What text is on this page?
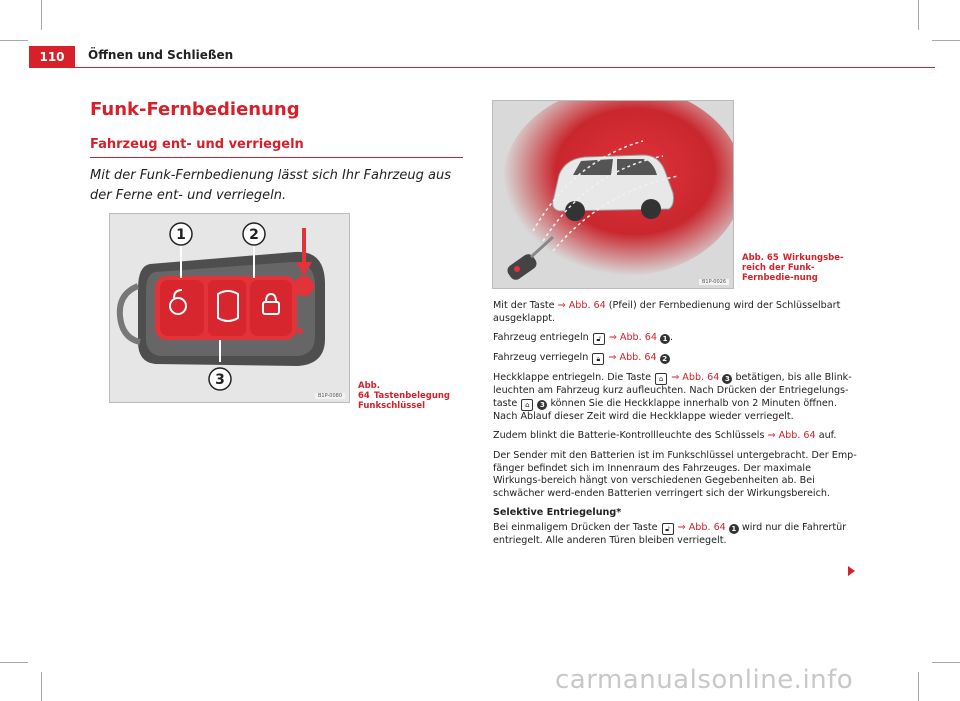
110	Öffnen und Schließen
Funk-Fernbedienung
Fahrzeug ent- und verriegeln
Mit der Funk-Fernbedienung lässt sich Ihr Fahrzeug aus der Ferne ent- und verriegeln.
1	2
3
B1P-0080
Abb. 64 Tastenbelegung Funkschlüssel
B1P-0026
Abb. 65 Wirkungsbe-reich der Funk-Fernbedie-nung

Mit der Taste ⇒ Abb. 64 (Pfeil) der Fernbedienung wird der Schlüsselbart ausgeklappt.

Fahrzeug entriegeln 🔓︎ ⇒ Abb. 64 1 .

Fahrzeug verriegeln 🔒︎ ⇒ Abb. 64 2

Heckklappe entriegeln. Die Taste ⌂ ⇒ Abb. 64 3 betätigen, bis alle Blink-leuchten am Fahrzeug kurz aufleuchten. Nach Drücken der Entriegelungs-taste ⌂ 3 können Sie die Heckklappe innerhalb von 2 Minuten öffnen. Nach Ablauf dieser Zeit wird die Heckklappe wieder verriegelt.

Zudem blinkt die Batterie-Kontrollleuchte des Schlüssels ⇒ Abb. 64 auf.

Der Sender mit den Batterien ist im Funkschlüssel untergebracht. Der Emp-fänger befindet sich im Innenraum des Fahrzeuges. Der maximale Wirkungs-bereich hängt von verschiedenen Gegebenheiten ab. Bei schwächer werd-enden Batterien verringert sich der Wirkungsbereich.

Selektive Entriegelung*

Bei einmaligem Drücken der Taste 🔓︎ ⇒ Abb. 64 1 wird nur die Fahrertür entriegelt. Alle anderen Türen bleiben verriegelt.

carmanualsonline.info
